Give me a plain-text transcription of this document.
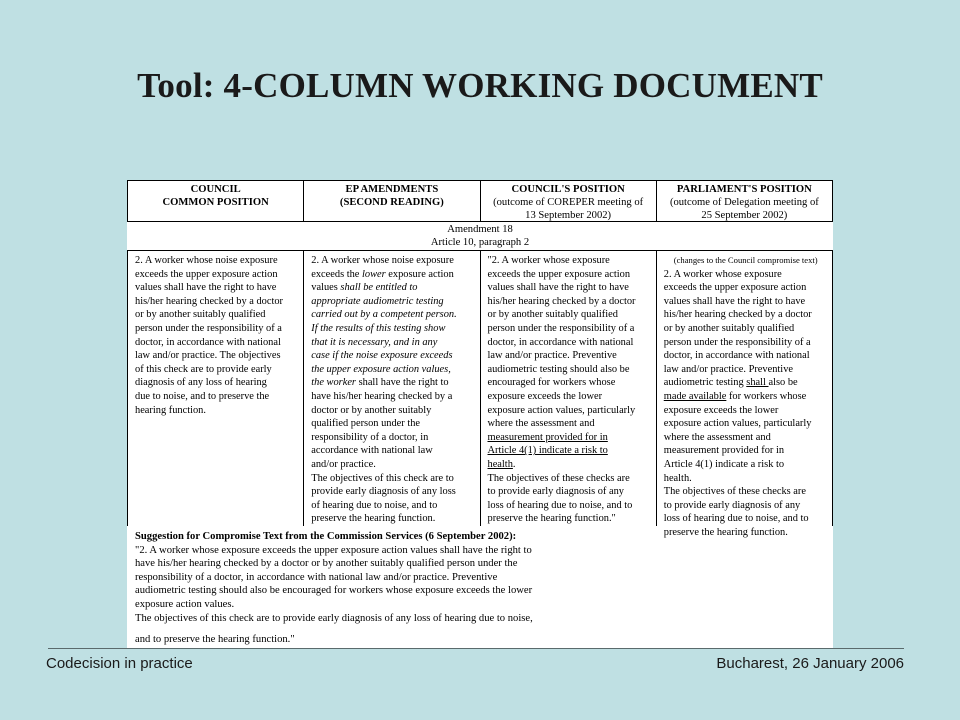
Tool: 4-COLUMN WORKING DOCUMENT
COUNCIL
COMMON POSITION
EP AMENDMENTS
(SECOND READING)
COUNCIL'S POSITION
(outcome of COREPER meeting of
13 September 2002)
PARLIAMENT'S POSITION
(outcome of Delegation meeting of
25 September 2002)
Amendment 18
Article 10, paragraph 2
2. A worker whose noise exposure
exceeds the upper exposure action
values shall have the right to have
his/her hearing checked by a doctor
or by another suitably qualified
person under the responsibility of a
doctor, in accordance with national
law and/or practice. The objectives
of this check are to provide early
diagnosis of any loss of hearing
due to noise, and to preserve the
hearing function.
2. A worker whose noise exposure
exceeds the lower exposure action
values shall be entitled to
appropriate audiometric testing
carried out by a competent person.
If the results of this testing show
that it is necessary, and in any
case if the noise exposure exceeds
the upper exposure action values,
the worker shall have the right to
have his/her hearing checked by a
doctor or by another suitably
qualified person under the
responsibility of a doctor, in
accordance with national law
and/or practice.
The objectives of this check are to
provide early diagnosis of any loss
of hearing due to noise, and to
preserve the hearing function.
"2. A worker whose exposure
exceeds the upper exposure action
values shall have the right to have
his/her hearing checked by a doctor
or by another suitably qualified
person under the responsibility of a
doctor, in accordance with national
law and/or practice. Preventive
audiometric testing should also be
encouraged for workers whose
exposure exceeds the lower
exposure action values, particularly
where the assessment and
measurement provided for in
Article 4(1) indicate a risk to
health.
The objectives of these checks are
to provide early diagnosis of any
loss of hearing due to noise, and to
preserve the hearing function."
(changes to the Council compromise text)
2. A worker whose exposure
exceeds the upper exposure action
values shall have the right to have
his/her hearing checked by a doctor
or by another suitably qualified
person under the responsibility of a
doctor, in accordance with national
law and/or practice. Preventive
audiometric testing shall also be
made available for workers whose
exposure exceeds the lower
exposure action values, particularly
where the assessment and
measurement provided for in
Article 4(1) indicate a risk to
health.
The objectives of these checks are
to provide early diagnosis of any
loss of hearing due to noise, and to
preserve the hearing function.
Suggestion for Compromise Text from the Commission Services (6 September 2002):
"2. A worker whose exposure exceeds the upper exposure action values shall have the right to
have his/her hearing checked by a doctor or by another suitably qualified person under the
responsibility of a doctor, in accordance with national law and/or practice. Preventive
audiometric testing should also be encouraged for workers whose exposure exceeds the lower
exposure action values.
The objectives of this check are to provide early diagnosis of any loss of hearing due to noise,
and to preserve the hearing function."
Codecision in practice	Bucharest, 26 January 2006
